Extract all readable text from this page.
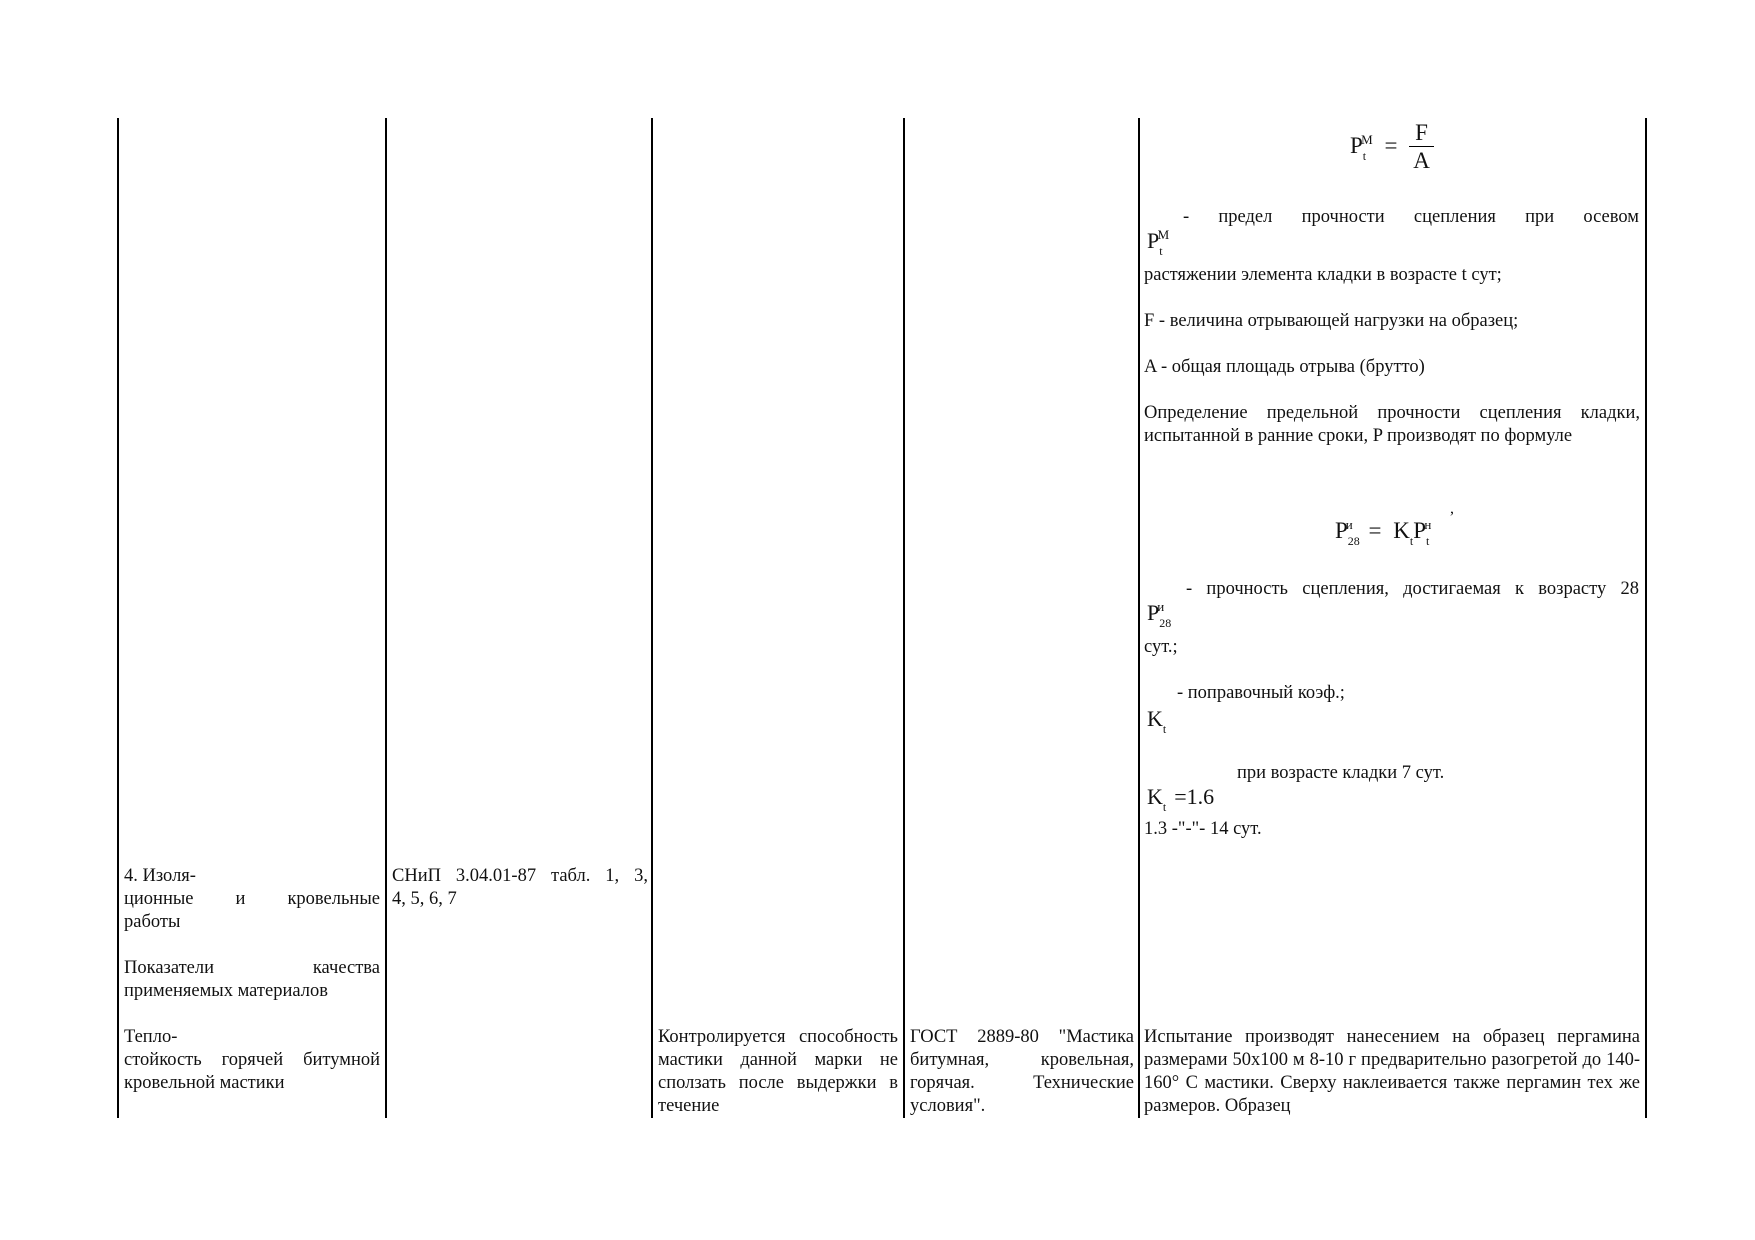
4. Изоля-
ционные и кровельные
работы
Показатели	качества
применяемых материалов
Тепло-
стойкость горячей битумной
кровельной мастики
СНиП 3.04.01-87 табл. 1, 3,
4, 5, 6, 7
Контролируется способность мастики данной марки не сползать после выдержки в течение
ГОСТ 2889-80 "Мастика битумная, кровельная, горячая. Технические условия".
$P_t^M = \frac{F}{A}$
$P_t^M$
- предел прочности сцепления при осевом
растяжении элемента кладки в возрасте t сут;
F - величина отрывающей нагрузки на образец;
A - общая площадь отрыва (брутто)
Определение предельной прочности сцепления кладки, испытанной в ранние сроки, P производят по формуле
$P_{28}^и = K_tP_t^н$
,
$P_{28}^и$
- прочность сцепления, достигаемая к возрасту 28
сут.;
$K_t$
- поправочный коэф.;
$K_t =1.6$
при возрасте кладки 7 сут.
1.3 -"-"- 14 сут.
Испытание производят нанесением на образец пергамина размерами 50x100 м 8-10 г предварительно разогретой до 140-160° C мастики. Сверху наклеивается также пергамин тех же размеров. Образец
